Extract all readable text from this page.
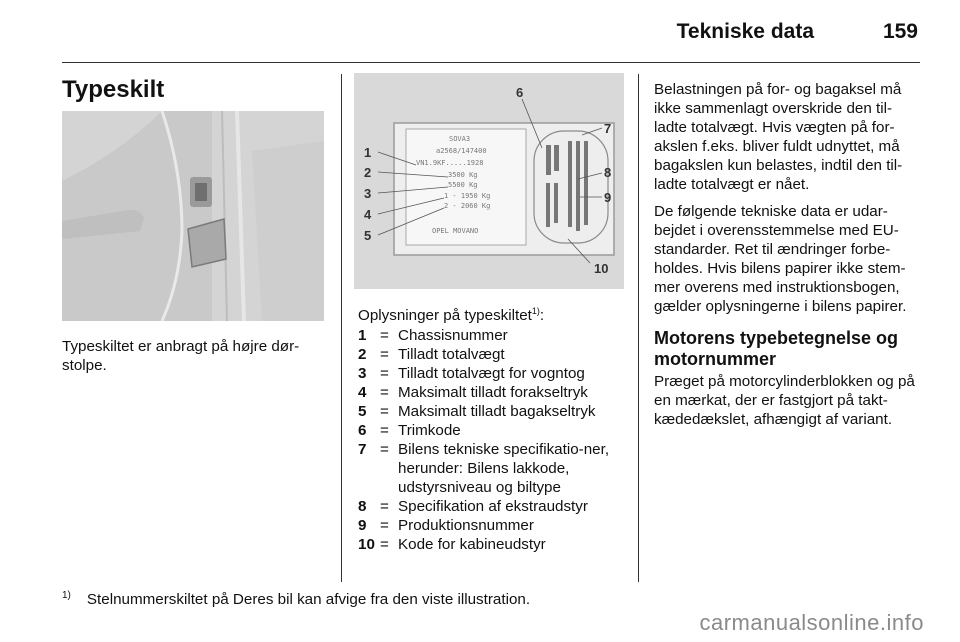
Tekniske data	159
Typeskilt

Typeskiltet er anbragt på højre dør-stolpe.

SOVA3
a2568/147400
VN1.9KF.....1928
3500 Kg
5500 Kg
1 - 1950 Kg
2 - 2060 Kg
OPEL MOVANO
1
2
3
4
5
6
7
8
9
10

Oplysninger på typeskiltet$^{1)}$:

1 = Chassisnummer
2 = Tilladt totalvægt
3 = Tilladt totalvægt for vogntog
4 = Maksimalt tilladt forakseltryk
5 = Maksimalt tilladt bagakseltryk
6 = Trimkode
7 = Bilens tekniske specifikatio-ner, herunder: Bilens lakkode, udstyrsniveau og biltype
8 = Specifikation af ekstraudstyr
9 = Produktionsnummer
10 = Kode for kabineudstyr

Belastningen på for- og bagaksel må ikke sammenlagt overskride den til-ladte totalvægt. Hvis vægten på for-akslen f.eks. bliver fuldt udnyttet, må bagakslen kun belastes, indtil den til-ladte totalvægt er nået.

De følgende tekniske data er udar-bejdet i overensstemmelse med EU-standarder. Ret til ændringer forbe-holdes. Hvis bilens papirer ikke stem-mer overens med instruktionsbogen, gælder oplysningerne i bilens papirer.

Motorens typebetegnelse og motornummer

Præget på motorcylinderblokken og på en mærkat, der er fastgjort på takt-kædedækslet, afhængigt af variant.

$^{1)}$ Stelnummerskiltet på Deres bil kan afvige fra den viste illustration.
carmanualsonline.info
